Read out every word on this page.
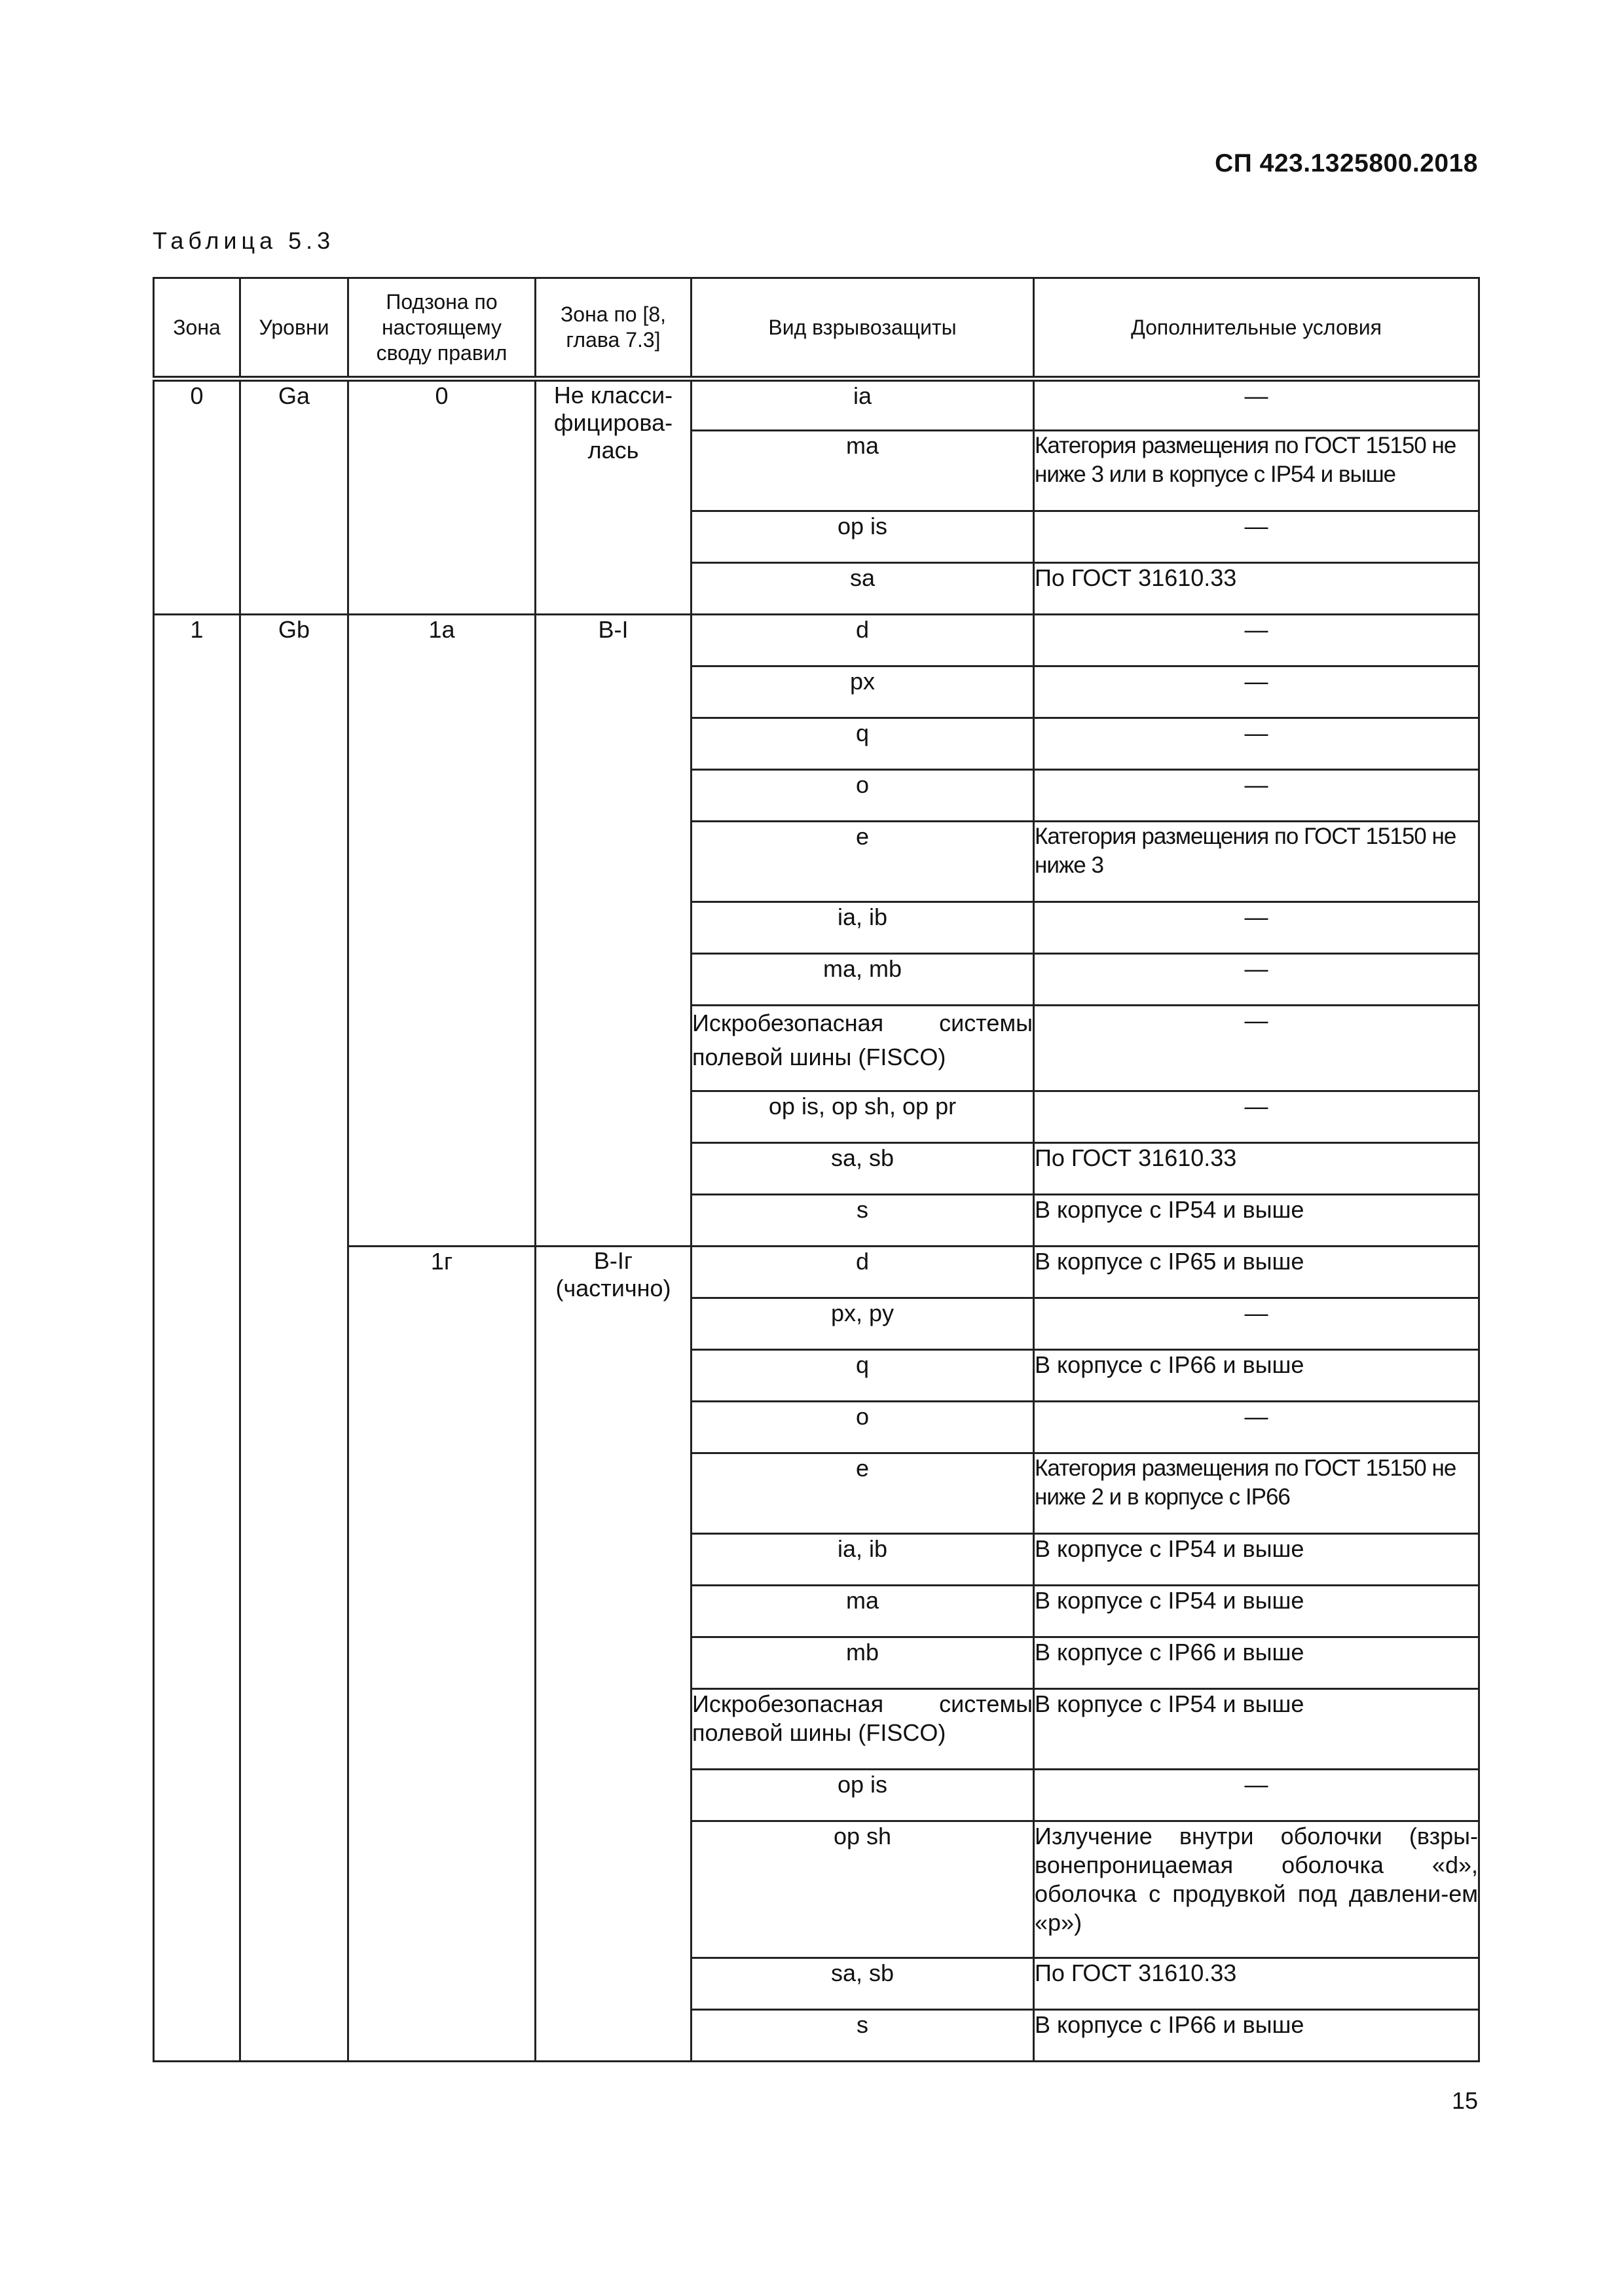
СП 423.1325800.2018
Таблица 5.3
Зона	Уровни	Подзона по настоящему своду правил	Зона по [8, глава 7.3]	Вид взрывозащиты	Дополнительные условия
0	Ga	0	Не класси-фицирова-лась	ia	—
				ma	Категория размещения по ГОСТ 15150 не ниже 3 или в корпусе с IP54 и выше
				op is	—
				sa	По ГОСТ 31610.33
1	Gb	1а	В-I	d	—
				px	—
				q	—
				o	—
				e	Категория размещения по ГОСТ 15150 не ниже 3
				ia, ib	—
				ma, mb	—
				Искробезопасная системы полевой шины (FISCO)	—
				op is, op sh, op pr	—
				sa, sb	По ГОСТ 31610.33
				s	В корпусе с IP54 и выше
		1г	В-Iг (частично)	d	В корпусе с IP65 и выше
				px, py	—
				q	В корпусе с IP66 и выше
				o	—
				e	Категория размещения по ГОСТ 15150 не ниже 2 и в корпусе с IP66
				ia, ib	В корпусе с IP54 и выше
				ma	В корпусе с IP54 и выше
				mb	В корпусе с IP66 и выше
				Искробезопасная системы полевой шины (FISCO)	В корпусе с IP54 и выше
				op is	—
				op sh	Излучение внутри оболочки (взры-вонепроницаемая оболочка «d», оболочка с продувкой под давлени-ем «р»)
				sa, sb	По ГОСТ 31610.33
				s	В корпусе с IP66 и выше
15
